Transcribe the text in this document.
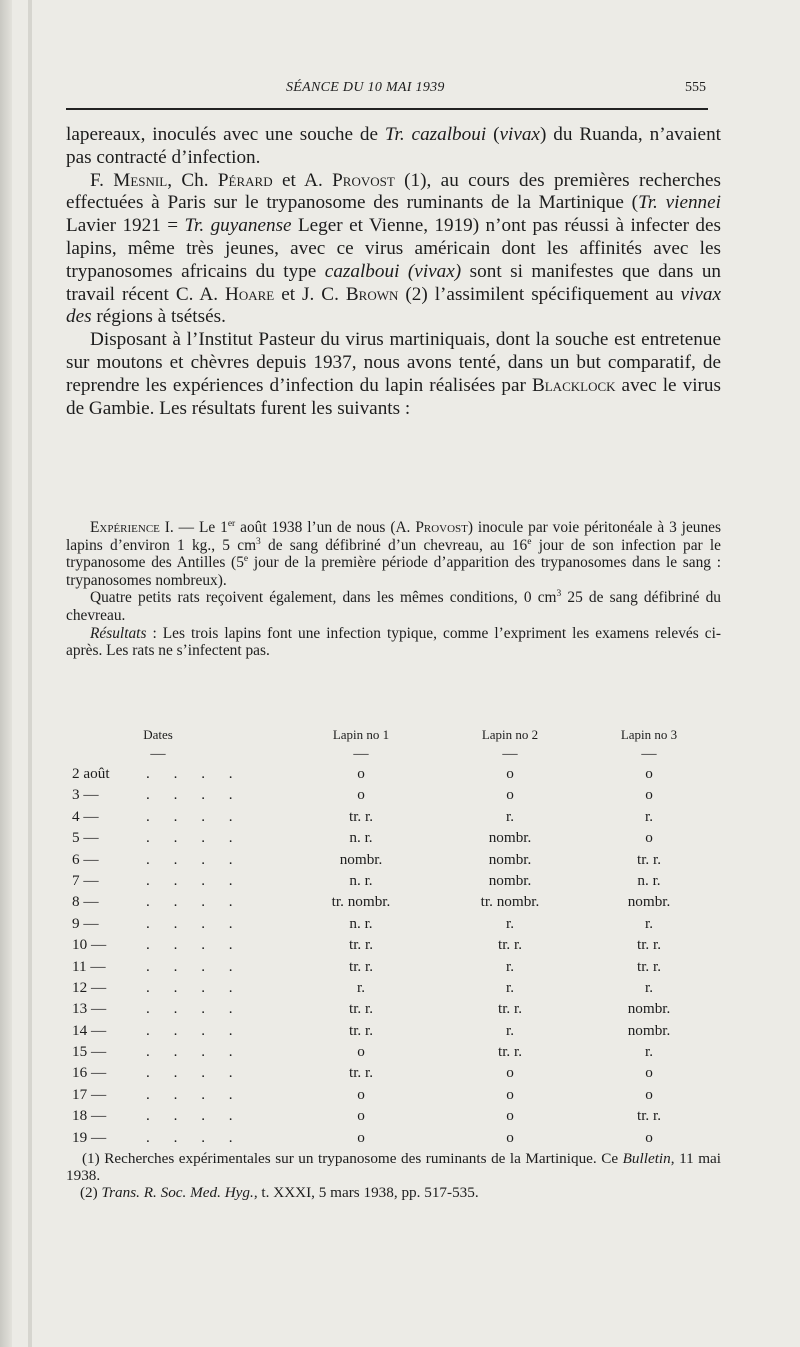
SÉANCE DU 10 MAI 1939	555

lapereaux, inoculés avec une souche de Tr. cazalboui (vivax) du Ruanda, n’avaient pas contracté d’infection.

F. Mesnil, Ch. Pérard et A. Provost (1), au cours des premières recherches effectuées à Paris sur le trypanosome des ruminants de la Martinique (Tr. viennei Lavier 1921 = Tr. guyanense Leger et Vienne, 1919) n’ont pas réussi à infecter des lapins, même très jeunes, avec ce virus américain dont les affinités avec les trypanosomes africains du type cazalboui (vivax) sont si manifestes que dans un travail récent C. A. Hoare et J. C. Brown (2) l’assimilent spécifiquement au vivax des régions à tsétsés.

Disposant à l’Institut Pasteur du virus martiniquais, dont la souche est entretenue sur moutons et chèvres depuis 1937, nous avons tenté, dans un but comparatif, de reprendre les expériences d’infection du lapin réalisées par Blacklock avec le virus de Gambie. Les résultats furent les suivants :

Expérience I. — Le 1er août 1938 l’un de nous (A. Provost) inocule par voie péritonéale à 3 jeunes lapins d’environ 1 kg., 5 $cm^3$ de sang défibriné d’un chevreau, au 16e jour de son infection par le trypanosome des Antilles (5e jour de la première période d’apparition des trypanosomes dans le sang : trypanosomes nombreux).

Quatre petits rats reçoivent également, dans les mêmes conditions, 0 $cm^3$ 25 de sang défibriné du chevreau.

Résultats : Les trois lapins font une infection typique, comme l’expriment les examens relevés ci-après. Les rats ne s’infectent pas.

Dates	Lapin no 1	Lapin no 2	Lapin no 3
—	—	—	—
2 août	. . . .	o	o	o
3 —	. . . .	o	o	o
4 —	. . . .	tr. r.	r.	r.
5 —	. . . .	n. r.	nombr.	o
6 —	. . . .	nombr.	nombr.	tr. r.
7 —	. . . .	n. r.	nombr.	n. r.
8 —	. . . .	tr. nombr.	tr. nombr.	nombr.
9 —	. . . .	n. r.	r.	r.
10 —	. . . .	tr. r.	tr. r.	tr. r.
11 —	. . . .	tr. r.	r.	tr. r.
12 —	. . . .	r.	r.	r.
13 —	. . . .	tr. r.	tr. r.	nombr.
14 —	. . . .	tr. r.	r.	nombr.
15 —	. . . .	o	tr. r.	r.
16 —	. . . .	tr. r.	o	o
17 —	. . . .	o	o	o
18 —	. . . .	o	o	tr. r.
19 —	. . . .	o	o	o

(1) Recherches expérimentales sur un trypanosome des ruminants de la Martinique. Ce Bulletin, 11 mai 1938.

(2) Trans. R. Soc. Med. Hyg., t. XXXI, 5 mars 1938, pp. 517-535.
